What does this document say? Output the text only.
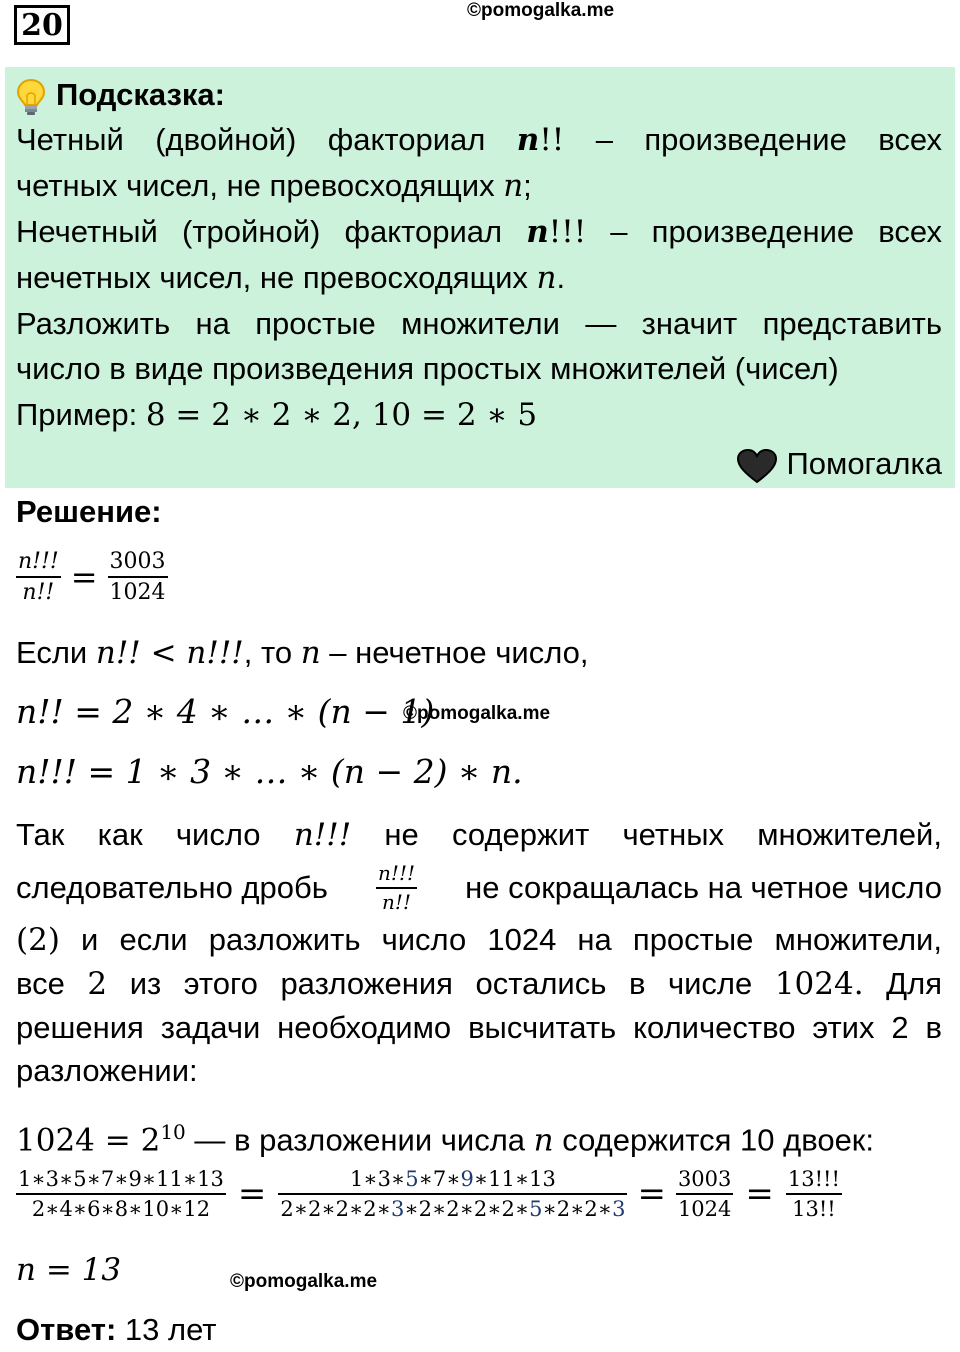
20	©pomogalka.me
Подсказка:
Четный (двойной) факториал n!! – произведение всех
четных чисел, не превосходящих n;
Нечетный (тройной) факториал n!!! – произведение всех
нечетных чисел, не превосходящих n.
Разложить на простые множители — значит представить
число в виде произведения простых множителей (чисел)
Пример: 8 = 2 ∗ 2 ∗ 2, 10 = 2 ∗ 5
Помогалка
Решение:
$\frac{n!!!}{n!!} = \frac{3003}{1024}$
Если n!! < n!!!, то n – нечетное число,
n!! = 2 ∗ 4 ∗ … ∗ (n − 1)
©pomogalka.me
n!!! = 1 ∗ 3 ∗ … ∗ (n − 2) ∗ n.
Так как число n!!! не содержит четных множителей,
следовательно дробь $\frac{n!!!}{n!!}$ не сокращалась на четное число
(2) и если разложить число 1024 на простые множители,
все 2 из этого разложения остались в числе 1024. Для
решения задачи необходимо высчитать количество этих 2 в
разложении:
$1024 = 2^{10}$ — в разложении числа n содержится 10 двоек:
$\frac{1∗3∗5∗7∗9∗11∗13}{2∗4∗6∗8∗10∗12} = \frac{1∗3∗5∗7∗9∗11∗13}{2∗2∗2∗2∗3∗2∗2∗2∗2∗5∗2∗2∗3} = \frac{3003}{1024} = \frac{13!!!}{13!!}$
n = 13	©pomogalka.me
Ответ: 13 лет
